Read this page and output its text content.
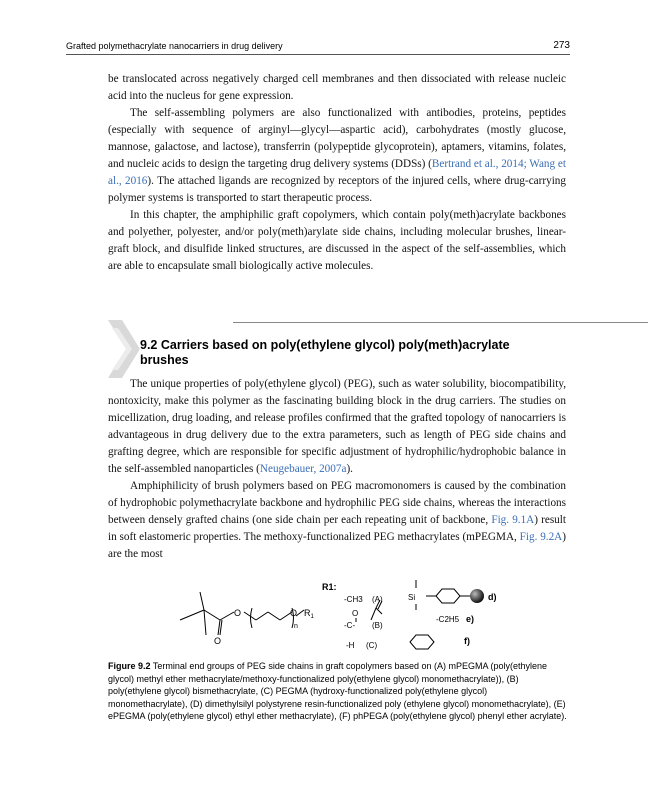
Grafted polymethacrylate nanocarriers in drug delivery	273

be translocated across negatively charged cell membranes and then dissociated with release nucleic acid into the nucleus for gene expression.

The self-assembling polymers are also functionalized with antibodies, proteins, peptides (especially with sequence of arginyl—glycyl—aspartic acid), carbohydrates (mostly glucose, mannose, galactose, and lactose), transferrin (polypeptide glycoprotein), aptamers, vitamins, folates, and nucleic acids to design the targeting drug delivery systems (DDSs) (Bertrand et al., 2014; Wang et al., 2016). The attached ligands are recognized by receptors of the injured cells, where drug-carrying polymer systems is transported to start therapeutic process.

In this chapter, the amphiphilic graft copolymers, which contain poly(meth)acrylate backbones and polyether, polyester, and/or poly(meth)arylate side chains, including molecular brushes, linear-graft block, and disulfide linked structures, are discussed in the aspect of the self-assemblies, which are able to encapsulate small biologically active molecules.

9.2 Carriers based on poly(ethylene glycol) poly(meth)acrylate brushes

The unique properties of poly(ethylene glycol) (PEG), such as water solubility, biocompatibility, nontoxicity, make this polymer as the fascinating building block in the drug carriers. The studies on micellization, drug loading, and release profiles confirmed that the grafted topology of nanocarriers is advantageous in drug delivery due to the extra parameters, such as length of PEG side chains and grafting degree, which are responsible for specific adjustment of hydrophilic/hydrophobic balance in the self-assembled nanoparticles (Neugebauer, 2007a).

Amphiphilicity of brush polymers based on PEG macromonomers is caused by the combination of hydrophobic polymethacrylate backbone and hydrophilic PEG side chains, whereas the interactions between densely grafted chains (one side chain per each repeating unit of backbone, Fig. 9.1A) result in soft elastomeric properties. The methoxy-functionalized PEG methacrylates (mPEGMA, Fig. 9.2A) are the most

O
O
O
n
$R_1$
R1:
-CH3 (A)
O
-C- (B)
-H (C)
Si	d)
-C2H5 e)
f)
Figure 9.2 Terminal end groups of PEG side chains in graft copolymers based on (A) mPEGMA (poly(ethylene glycol) methyl ether methacrylate/methoxy-functionalized poly(ethylene glycol) monomethacrylate)), (B) poly(ethylene glycol) bismethacrylate, (C) PEGMA (hydroxy-functionalized poly(ethylene glycol) monomethacrylate), (D) dimethylsilyl polystyrene resin-functionalized poly (ethylene glycol) monomethacrylate), (E) ePEGMA (poly(ethylene glycol) ethyl ether methacrylate), (F) phPEGA (poly(ethylene glycol) phenyl ether acrylate).
